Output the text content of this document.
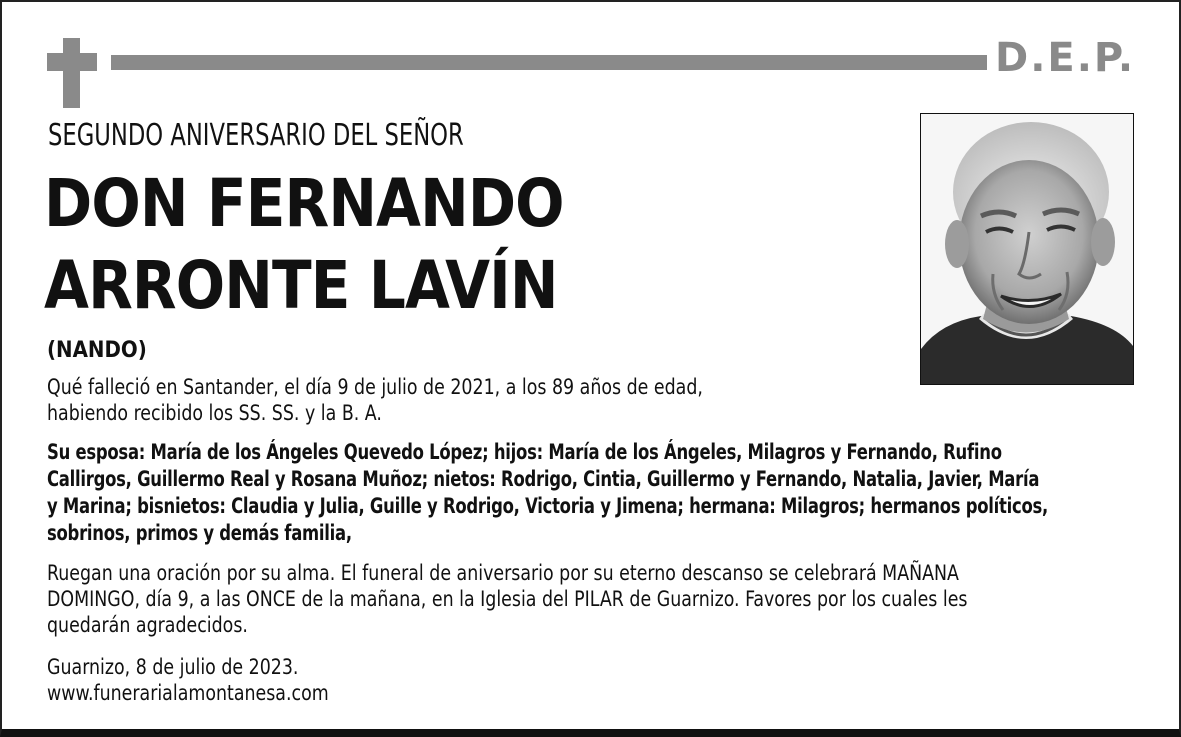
D.E.P.
SEGUNDO ANIVERSARIO DEL SEÑOR
DON FERNANDO
ARRONTE LAVÍN
(NANDO)
Qué falleció en Santander, el día 9 de julio de 2021, a los 89 años de edad,
habiendo recibido los SS. SS. y la B. A.
Su esposa: María de los Ángeles Quevedo López; hijos: María de los Ángeles, Milagros y Fernando, Rufino
Callirgos, Guillermo Real y Rosana Muñoz; nietos: Rodrigo, Cintia, Guillermo y Fernando, Natalia, Javier, María
y Marina; bisnietos: Claudia y Julia, Guille y Rodrigo, Victoria y Jimena; hermana: Milagros; hermanos políticos,
sobrinos, primos y demás familia,
Ruegan una oración por su alma. El funeral de aniversario por su eterno descanso se celebrará MAÑANA
DOMINGO, día 9, a las ONCE de la mañana, en la Iglesia del PILAR de Guarnizo. Favores por los cuales les
quedarán agradecidos.
Guarnizo, 8 de julio de 2023.
www.funerarialamontanesa.com
